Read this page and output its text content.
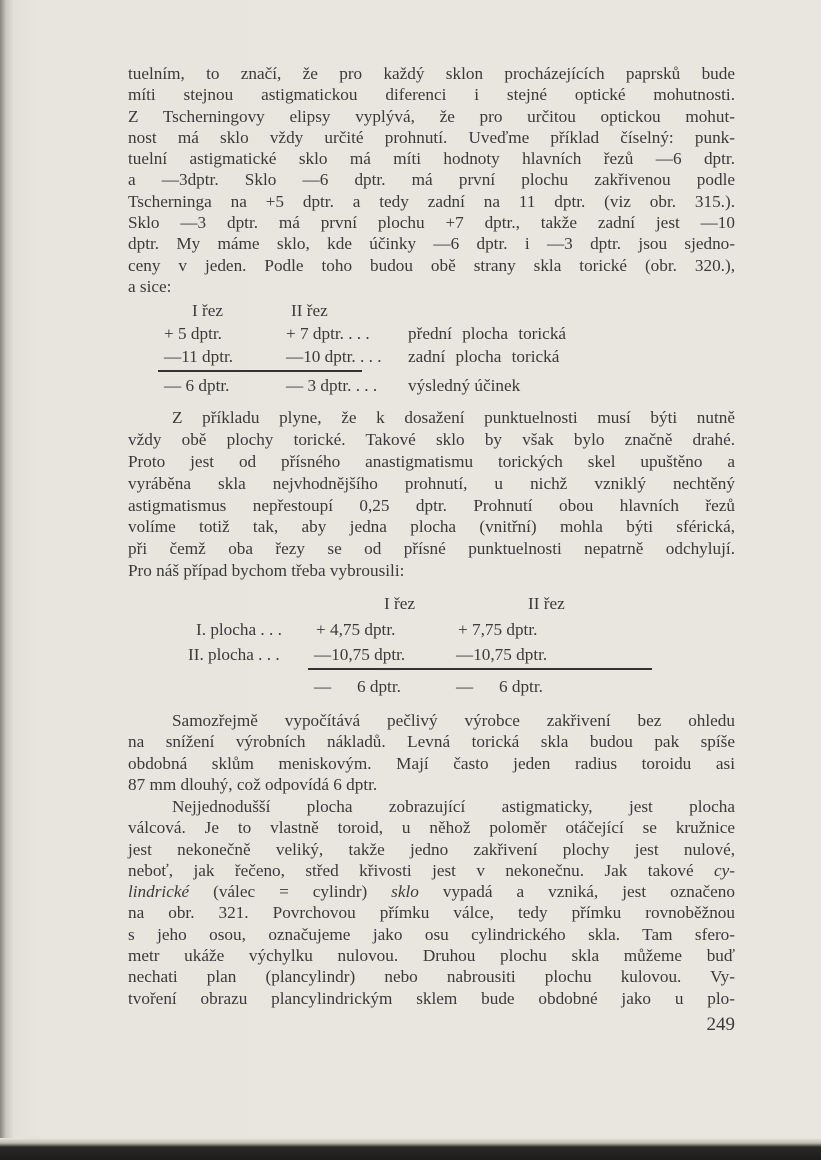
tuelním, to značí, že pro každý sklon procházejících paprsků bude
míti stejnou astigmatickou diferenci i stejné optické mohutnosti.
Z Tscherningovy elipsy vyplývá, že pro určitou optickou mohut-
nost má sklo vždy určité prohnutí. Uveďme příklad číselný: punk-
tuelní astigmatické sklo má míti hodnoty hlavních řezů —6 dptr.
a —3dptr. Sklo —6 dptr. má první plochu zakřivenou podle
Tscherninga na +5 dptr. a tedy zadní na 11 dptr. (viz obr. 315.).
Sklo —3 dptr. má první plochu +7 dptr., takže zadní jest —10
dptr. My máme sklo, kde účinky —6 dptr. i —3 dptr. jsou sjedno-
ceny v jeden. Podle toho budou obě strany skla torické (obr. 320.),
a sice:
I řez	II řez
+ 5 dptr.	+ 7 dptr. . . . přední plocha torická
—11 dptr.	—10 dptr. . . . zadní plocha torická
— 6 dptr.	— 3 dptr. . . . výsledný účinek
Z příkladu plyne, že k dosažení punktuelnosti musí býti nutně
vždy obě plochy torické. Takové sklo by však bylo značně drahé.
Proto jest od přísného anastigmatismu torických skel upuštěno a
vyráběna skla nejvhodnějšího prohnutí, u nichž vzniklý nechtěný
astigmatismus nepřestoupí 0,25 dptr. Prohnutí obou hlavních řezů
volíme totiž tak, aby jedna plocha (vnitřní) mohla býti sférická,
při čemž oba řezy se od přísné punktuelnosti nepatrně odchylují.
Pro náš případ bychom třeba vybrousili:
I řez	II řez
I. plocha . . . + 4,75 dptr.	+ 7,75 dptr.
II. plocha . . . —10,75 dptr.	—10,75 dptr.
—      6 dptr.	—      6 dptr.
Samozřejmě vypočítává pečlivý výrobce zakřivení bez ohledu
na snížení výrobních nákladů. Levná torická skla budou pak spíše
obdobná sklům meniskovým. Mají často jeden radius toroidu asi
87 mm dlouhý, což odpovídá 6 dptr.
Nejjednodušší plocha zobrazující astigmaticky, jest plocha
válcová. Je to vlastně toroid, u něhož poloměr otáčející se kružnice
jest nekonečně veliký, takže jedno zakřivení plochy jest nulové,
neboť, jak řečeno, střed křivosti jest v nekonečnu. Jak takové cy-
lindrické (válec = cylindr) sklo vypadá a vzniká, jest označeno
na obr. 321. Povrchovou přímku válce, tedy přímku rovnoběžnou
s jeho osou, označujeme jako osu cylindrického skla. Tam sfero-
metr ukáže výchylku nulovou. Druhou plochu skla můžeme buď
nechati plan (plancylindr) nebo nabrousiti plochu kulovou. Vy-
tvoření obrazu plancylindrickým sklem bude obdobné jako u plo-
249
